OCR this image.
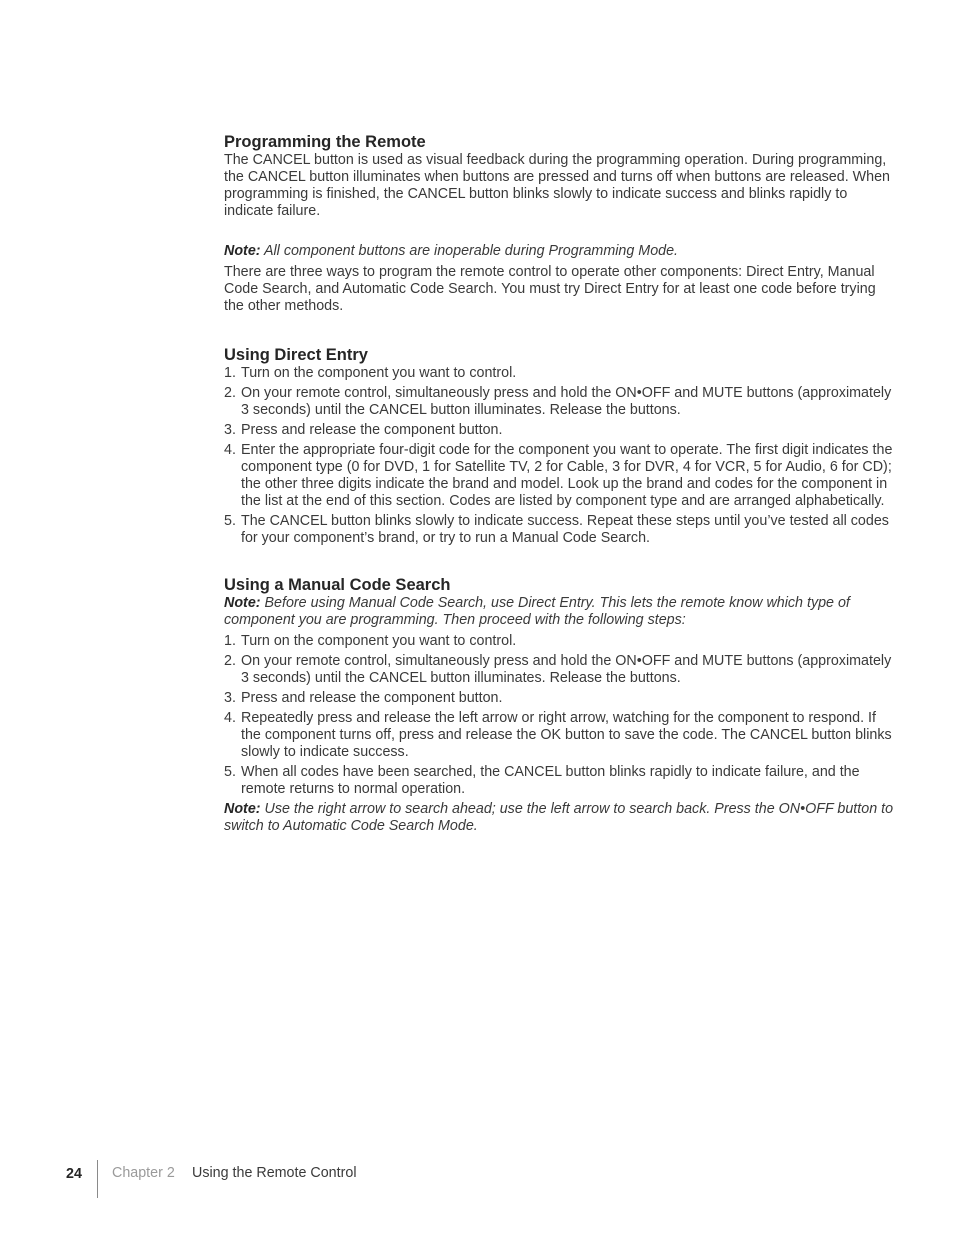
Programming the Remote

The CANCEL button is used as visual feedback during the programming operation. During programming, the CANCEL button illuminates when buttons are pressed and turns off when buttons are released. When programming is finished, the CANCEL button blinks slowly to indicate success and blinks rapidly to indicate failure.

Note: All component buttons are inoperable during Programming Mode.

There are three ways to program the remote control to operate other components: Direct Entry, Manual Code Search, and Automatic Code Search. You must try Direct Entry for at least one code before trying the other methods.

Using Direct Entry
1. Turn on the component you want to control.
2. On your remote control, simultaneously press and hold the ON•OFF and MUTE buttons (approximately 3 seconds) until the CANCEL button illuminates. Release the buttons.
3. Press and release the component button.
4. Enter the appropriate four-digit code for the component you want to operate. The first digit indicates the component type (0 for DVD, 1 for Satellite TV, 2 for Cable, 3 for DVR, 4 for VCR, 5 for Audio, 6 for CD); the other three digits indicate the brand and model. Look up the brand and codes for the component in the list at the end of this section. Codes are listed by component type and are arranged alphabetically.
5. The CANCEL button blinks slowly to indicate success. Repeat these steps until you’ve tested all codes for your component’s brand, or try to run a Manual Code Search.
Using a Manual Code Search

Note: Before using Manual Code Search, use Direct Entry. This lets the remote know which type of component you are programming. Then proceed with the following steps:

1. Turn on the component you want to control.
2. On your remote control, simultaneously press and hold the ON•OFF and MUTE buttons (approximately 3 seconds) until the CANCEL button illuminates. Release the buttons.
3. Press and release the component button.
4. Repeatedly press and release the left arrow or right arrow, watching for the component to respond. If the component turns off, press and release the OK button to save the code. The CANCEL button blinks slowly to indicate success.
5. When all codes have been searched, the CANCEL button blinks rapidly to indicate failure, and the remote returns to normal operation.

Note: Use the right arrow to search ahead; use the left arrow to search back. Press the ON•OFF button to switch to Automatic Code Search Mode.

24 Chapter 2 Using the Remote Control
